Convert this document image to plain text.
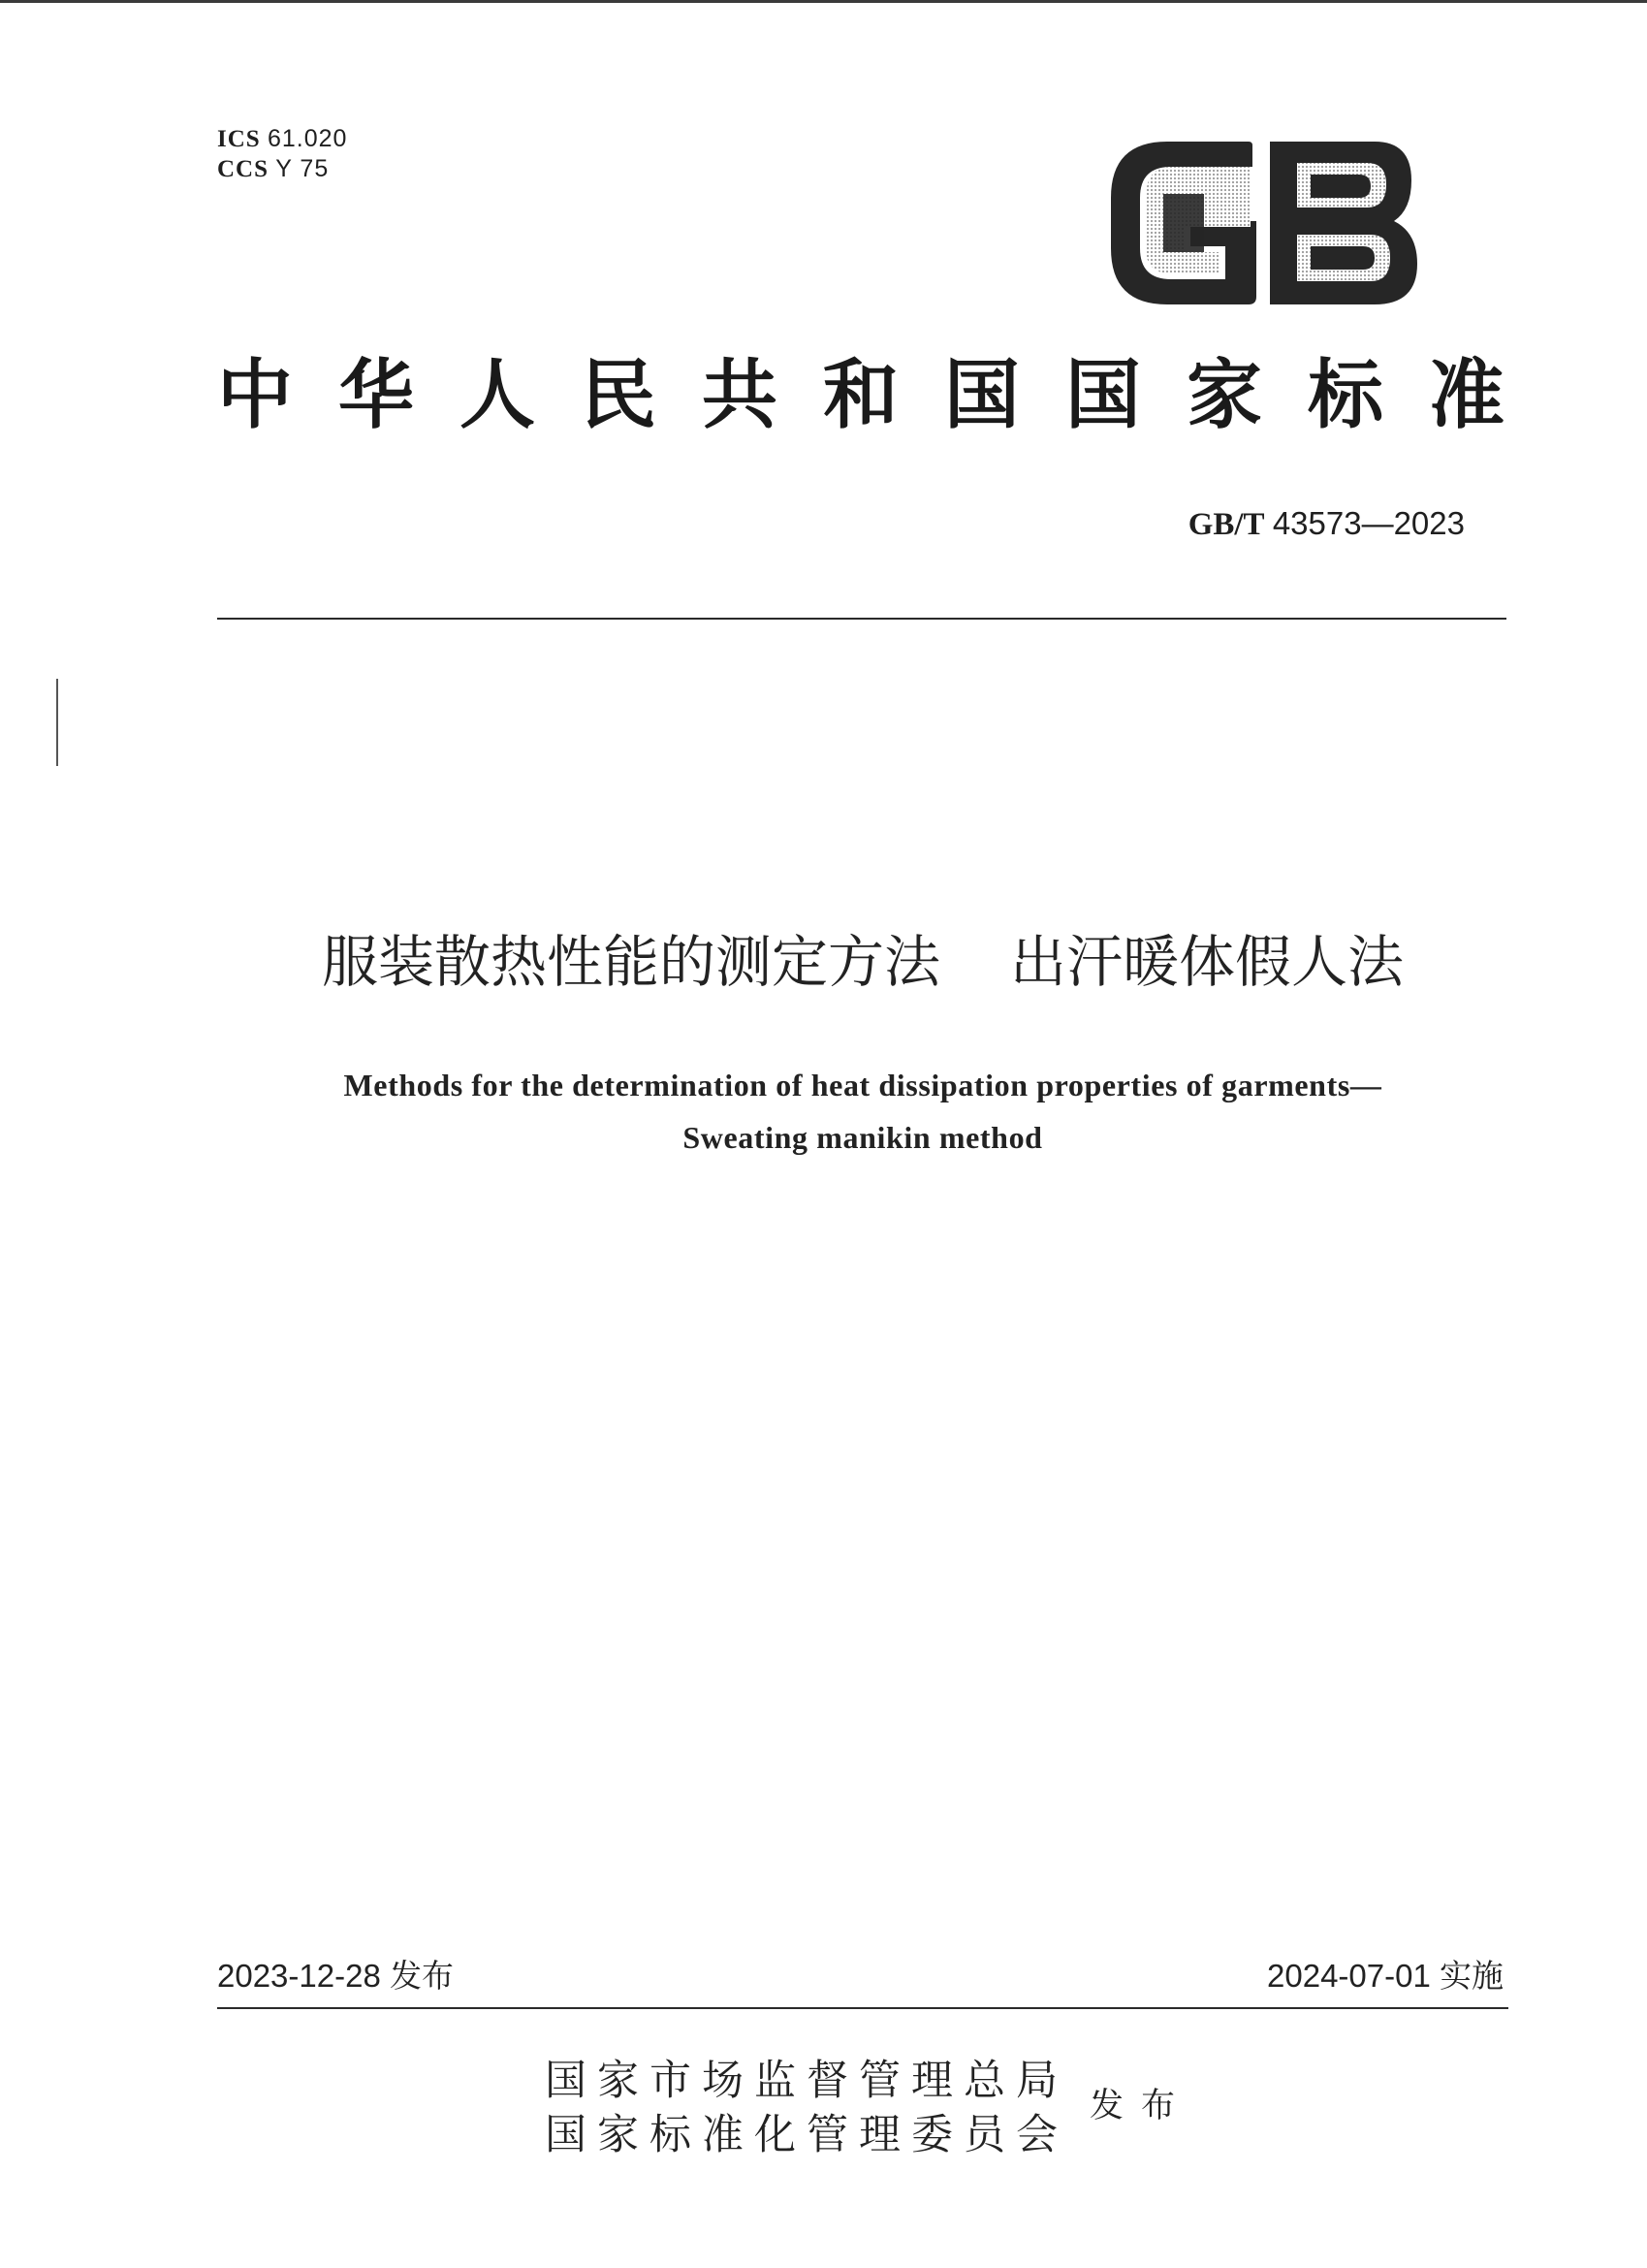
ICS 61.020
CCS Y 75
中华人民共和国国家标准
GB/T 43573—2023
服装散热性能的测定方法 出汗暖体假人法
Methods for the determination of heat dissipation properties of garments—
Sweating manikin method
2023-12-28 发布	2024-07-01 实施
国家市场监督管理总局
国家标准化管理委员会
发布
